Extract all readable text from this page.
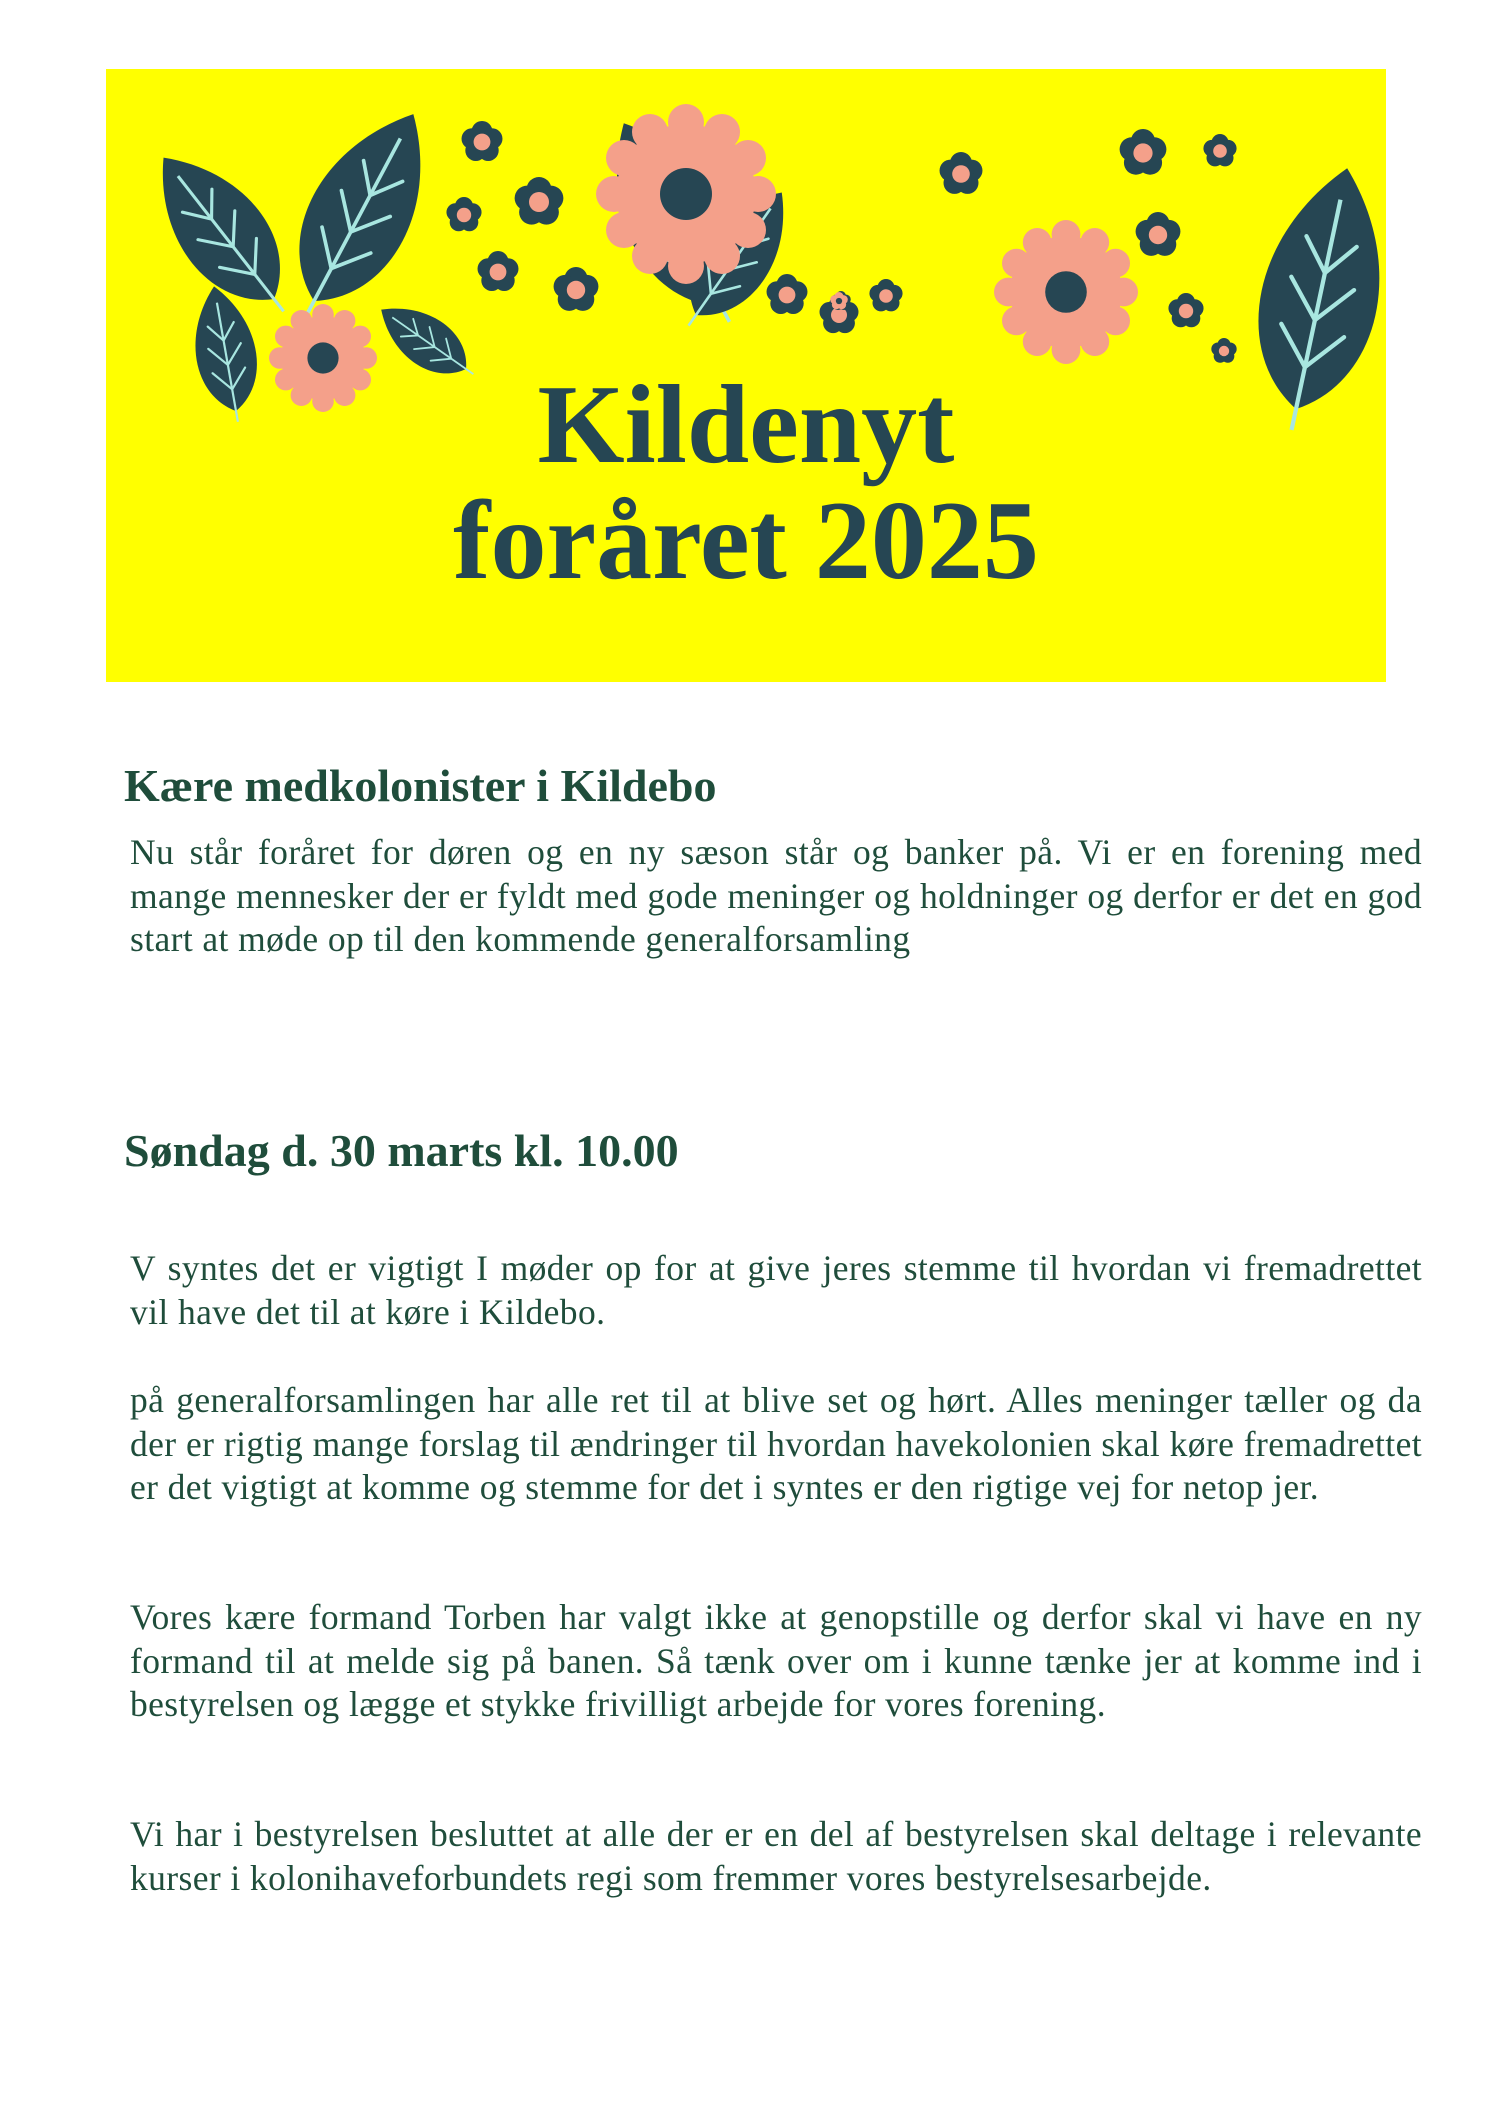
Kildenyt
foråret 2025
Kære medkolonister i Kildebo

Nu står foråret for døren og en ny sæson står og banker på. Vi er en forening med mange mennesker der er fyldt med gode meninger og holdninger og derfor er det en god start at møde op til den kommende generalforsamling

Søndag d. 30 marts kl. 10.00

V syntes det er vigtigt I møder op for at give jeres stemme til hvordan vi fremadrettet vil have det til at køre i Kildebo.

på generalforsamlingen har alle ret til at blive set og hørt. Alles meninger tæller og da der er rigtig mange forslag til ændringer til hvordan havekolonien skal køre fremadrettet er det vigtigt at komme og stemme for det i syntes er den rigtige vej for netop jer.

Vores kære formand Torben har valgt ikke at genopstille og derfor skal vi have en ny formand til at melde sig på banen. Så tænk over om i kunne tænke jer at komme ind i bestyrelsen og lægge et stykke frivilligt arbejde for vores forening.

Vi har i bestyrelsen besluttet at alle der er en del af bestyrelsen skal deltage i relevante kurser i kolonihaveforbundets regi som fremmer vores bestyrelsesarbejde.
